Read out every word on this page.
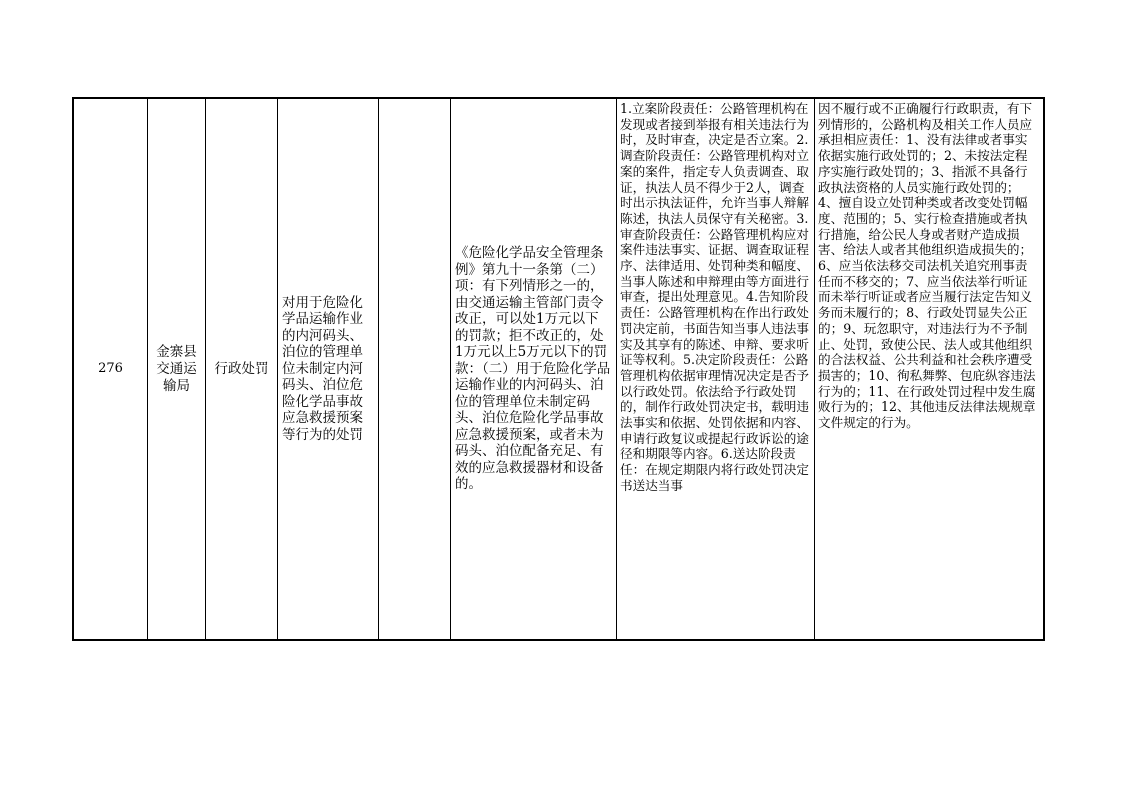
276
金寨县交通运输局
行政处罚
对用于危险化学品运输作业的内河码头、泊位的管理单位未制定内河码头、泊位危险化学品事故应急救援预案等行为的处罚
《危险化学品安全管理条例》第九十一条第（二）项：有下列情形之一的，由交通运输主管部门责令改正，可以处1万元以下的罚款；拒不改正的，处1万元以上5万元以下的罚款：（二）用于危险化学品运输作业的内河码头、泊位的管理单位未制定码头、泊位危险化学品事故应急救援预案，或者未为码头、泊位配备充足、有效的应急救援器材和设备的。
1.立案阶段责任：公路管理机构在发现或者接到举报有相关违法行为时，及时审查，决定是否立案。2.调查阶段责任：公路管理机构对立案的案件，指定专人负责调查、取证，执法人员不得少于2人，调查时出示执法证件，允许当事人辩解陈述，执法人员保守有关秘密。3.审查阶段责任：公路管理机构应对案件违法事实、证据、调查取证程序、法律适用、处罚种类和幅度、当事人陈述和申辩理由等方面进行审查，提出处理意见。4.告知阶段责任：公路管理机构在作出行政处罚决定前，书面告知当事人违法事实及其享有的陈述、申辩、要求听证等权利。5.决定阶段责任：公路管理机构依据审理情况决定是否予以行政处罚。依法给予行政处罚的，制作行政处罚决定书，载明违法事实和依据、处罚依据和内容、申请行政复议或提起行政诉讼的途径和期限等内容。6.送达阶段责任：在规定期限内将行政处罚决定书送达当事
因不履行或不正确履行行政职责，有下列情形的，公路机构及相关工作人员应承担相应责任：1、没有法律或者事实依据实施行政处罚的；2、未按法定程序实施行政处罚的；3、指派不具备行政执法资格的人员实施行政处罚的；4、擅自设立处罚种类或者改变处罚幅度、范围的；5、实行检查措施或者执行措施，给公民人身或者财产造成损害、给法人或者其他组织造成损失的；6、应当依法移交司法机关追究刑事责任而不移交的；7、应当依法举行听证而未举行听证或者应当履行法定告知义务而未履行的；8、行政处罚显失公正的；9、玩忽职守，对违法行为不予制止、处罚，致使公民、法人或其他组织的合法权益、公共利益和社会秩序遭受损害的；10、徇私舞弊、包庇纵容违法行为的；11、在行政处罚过程中发生腐败行为的；12、其他违反法律法规规章文件规定的行为。
